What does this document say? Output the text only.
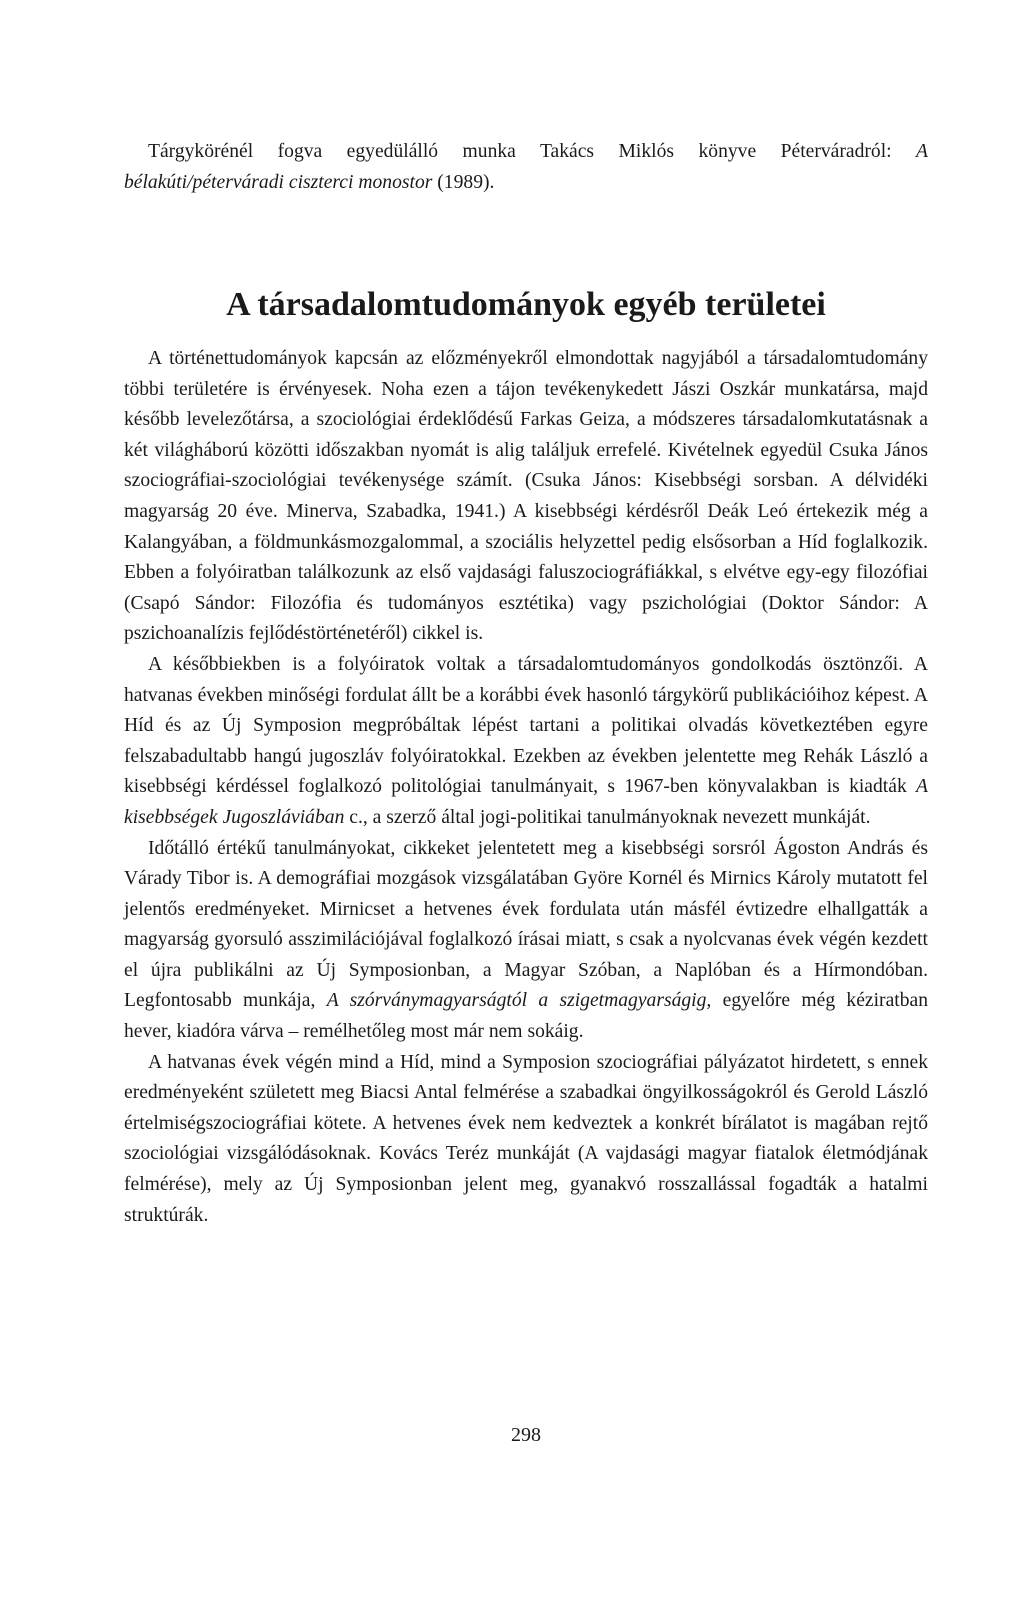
Tárgykörénél fogva egyedülálló munka Takács Miklós könyve Péterváradról: A bélakúti/péterváradi ciszterci monostor (1989).
A társadalomtudományok egyéb területei

A történettudományok kapcsán az előzményekről elmondottak nagyjából a társadalomtudomány többi területére is érvényesek. Noha ezen a tájon tevékenykedett Jászi Oszkár munkatársa, majd később levelezőtársa, a szociológiai érdeklődésű Farkas Geiza, a módszeres társadalomkutatásnak a két világháború közötti időszakban nyomát is alig találjuk errefelé. Kivételnek egyedül Csuka János szociográfiai-szociológiai tevékenysége számít. (Csuka János: Kisebbségi sorsban. A délvidéki magyarság 20 éve. Minerva, Szabadka, 1941.) A kisebbségi kérdésről Deák Leó értekezik még a Kalangyában, a földmunkásmozgalommal, a szociális helyzettel pedig elsősorban a Híd foglalkozik. Ebben a folyóiratban találkozunk az első vajdasági faluszociográfiákkal, s elvétve egy-egy filozófiai (Csapó Sándor: Filozófia és tudományos esztétika) vagy pszichológiai (Doktor Sándor: A pszichoanalízis fejlődéstörténetéről) cikkel is.

A későbbiekben is a folyóiratok voltak a társadalomtudományos gondolkodás ösztönzői. A hatvanas években minőségi fordulat állt be a korábbi évek hasonló tárgykörű publikációihoz képest. A Híd és az Új Symposion megpróbáltak lépést tartani a politikai olvadás következtében egyre felszabadultabb hangú jugoszláv folyóiratokkal. Ezekben az években jelentette meg Rehák László a kisebbségi kérdéssel foglalkozó politológiai tanulmányait, s 1967-ben könyvalakban is kiadták A kisebbségek Jugoszláviában c., a szerző által jogi-politikai tanulmányoknak nevezett munkáját.

Időtálló értékű tanulmányokat, cikkeket jelentetett meg a kisebbségi sorsról Ágoston András és Várady Tibor is. A demográfiai mozgások vizsgálatában Györe Kornél és Mirnics Károly mutatott fel jelentős eredményeket. Mirnicset a hetvenes évek fordulata után másfél évtizedre elhallgatták a magyarság gyorsuló asszimilációjával foglalkozó írásai miatt, s csak a nyolcvanas évek végén kezdett el újra publikálni az Új Symposionban, a Magyar Szóban, a Naplóban és a Hírmondóban. Legfontosabb munkája, A szórványmagyarságtól a szigetmagyarságig, egyelőre még kéziratban hever, kiadóra várva – remélhetőleg most már nem sokáig.

A hatvanas évek végén mind a Híd, mind a Symposion szociográfiai pályázatot hirdetett, s ennek eredményeként született meg Biacsi Antal felmérése a szabadkai öngyilkosságokról és Gerold László értelmiségszociográfiai kötete. A hetvenes évek nem kedveztek a konkrét bírálatot is magában rejtő szociológiai vizsgálódásoknak. Kovács Teréz munkáját (A vajdasági magyar fiatalok életmódjának felmérése), mely az Új Symposionban jelent meg, gyanakvó rosszallással fogadták a hatalmi struktúrák.

298
